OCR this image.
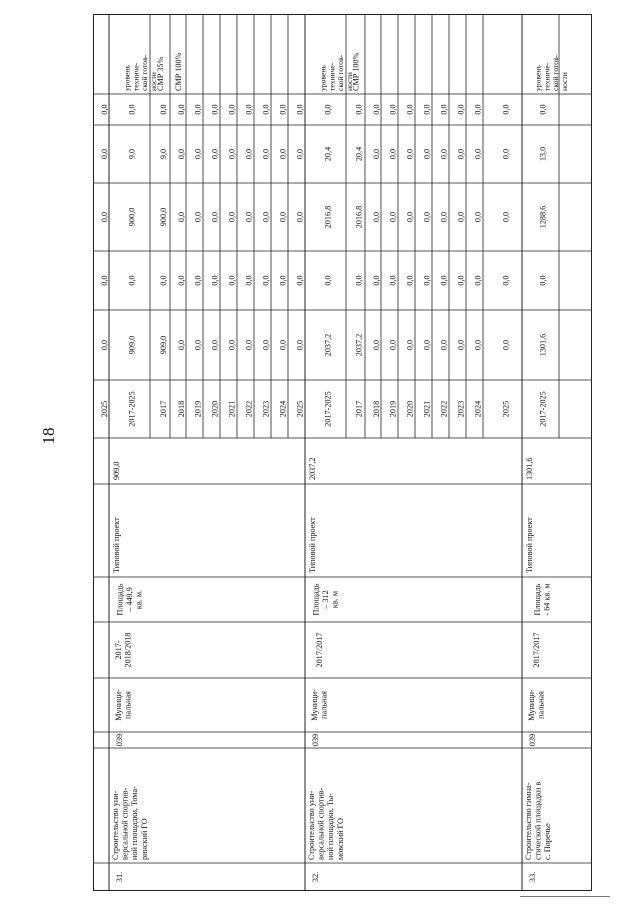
18
2025
0,0
0,0
0,0
0,0
0,0
31.
Строительство уни-версальной спортив-ной площадки, Тома-ринский ГО
039
Муници-пальная
2017-2018/2018
Площадь– 449,9кв. м.
Типовой проект
909,0
2017-2025
909,0
0,0
900,0
9,0
0,0
2017
909,0
0,0
900,0
9,0
0,0
2018
0,0
0,0
0,0
0,0
0,0
2019
0,0
0,0
0,0
0,0
0,0
2020
0,0
0,0
0,0
0,0
0,0
2021
0,0
0,0
0,0
0,0
0,0
2022
0,0
0,0
0,0
0,0
0,0
2023
0,0
0,0
0,0
0,0
0,0
2024
0,0
0,0
0,0
0,0
0,0
2025
0,0
0,0
0,0
0,0
0,0
уровеньтехниче-ской готов-ности
СМР 35% СМР 100%
32.
Строительство уни-версальной спортив-ной площадки, Ты-мовский ГО
039
Муници-пальная
2017/2017
Площадь– 312кв. м
Типовой проект
2037,2
2017-2025
2037,2
0,0
2016,8
20,4
0,0
2017
2037,2
0,0
2016,8
20,4
0,0
2018
0,0
0,0
0,0
0,0
0,0
2019
0,0
0,0
0,0
0,0
0,0
2020
0,0
0,0
0,0
0,0
0,0
2021
0,0
0,0
0,0
0,0
0,0
2022
0,0
0,0
0,0
0,0
0,0
2023
0,0
0,0
0,0
0,0
0,0
2024
0,0
0,0
0,0
0,0
0,0
2025
0,0
0,0
0,0
0,0
0,0
уровеньтехниче-ской готов-ности
СМР 100%
33.
Строительство гимна-стической площадки вс. Поречье
039
Муници-пальная
2017/2017
Площадь- 64 кв. м
Типовой проект
1301,6
2017-2025
1301,6
0,0
1288,6
13,0
0,0
уровеньтехниче-ской готов-ности
